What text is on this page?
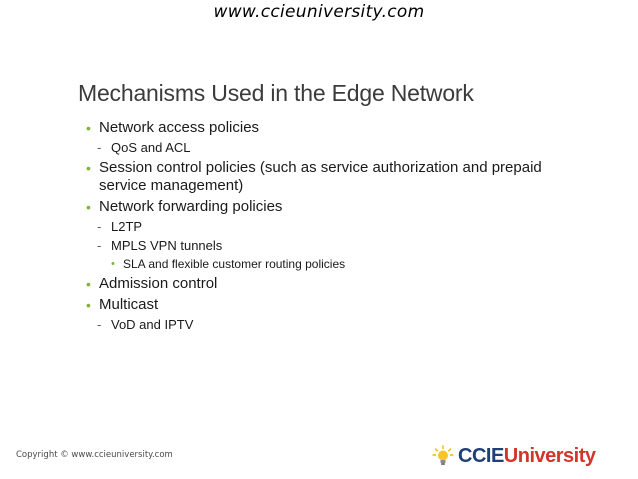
www.ccieuniversity.com
Mechanisms Used in the Edge Network
• Network access policies
- QoS and ACL
• Session control policies (such as service authorization and prepaid service management)
• Network forwarding policies
- L2TP
- MPLS VPN tunnels
• SLA and flexible customer routing policies
• Admission control
• Multicast
- VoD and IPTV
Copyright © www.ccieuniversity.com	CCIEUniversity
